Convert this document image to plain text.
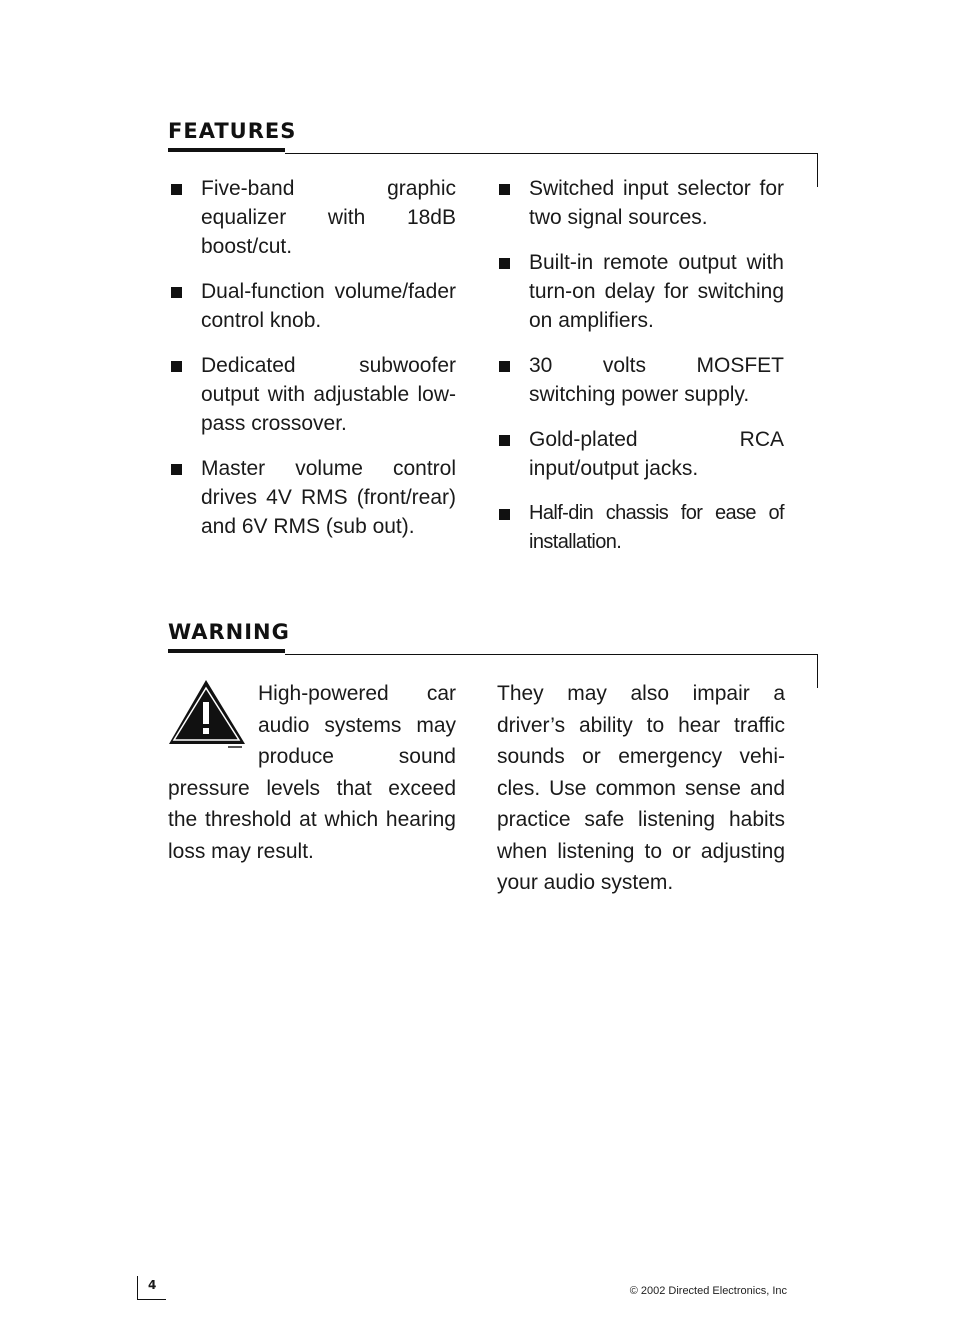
FEATURES
Five-band graphic equalizer with 18dB boost/cut.
Dual-function volume/fader control knob.
Dedicated subwoofer output with adjustable low-pass crossover.
Master volume control drives 4V RMS (front/rear) and 6V RMS (sub out).
Switched input selector for two signal sources.
Built-in remote output with turn-on delay for switching on amplifiers.
30 volts MOSFET switching power supply.
Gold-plated RCA input/output jacks.
Half-din chassis for ease of installation.
WARNING
High-powered car audio systems may produce sound pressure levels that exceed the threshold at which hearing loss may result.
They may also impair a driver’s ability to hear traffic sounds or emergency vehi-cles. Use common sense and practice safe listening habits when listening to or adjusting your audio system.
4	© 2002 Directed Electronics, Inc
